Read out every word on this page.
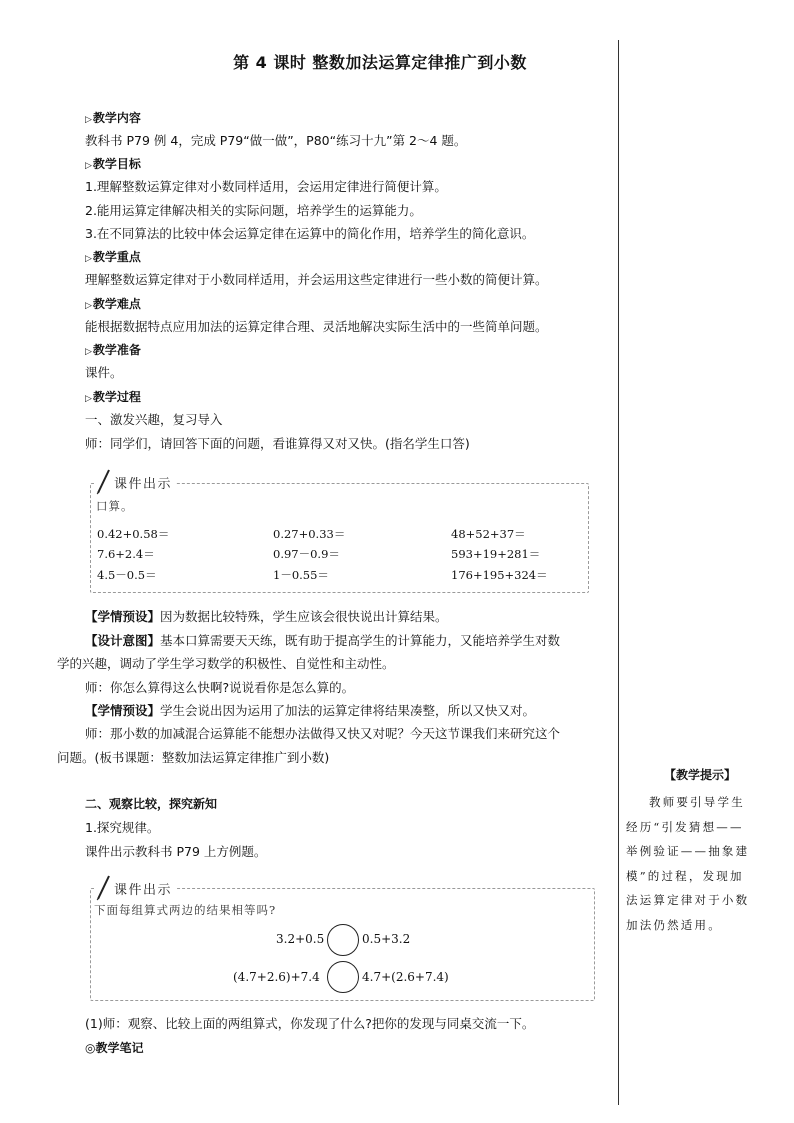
第 4 课时 整数加法运算定律推广到小数
▷教学内容
教科书 P79 例 4，完成 P79“做一做”，P80“练习十九”第 2～4 题。
▷教学目标
1.理解整数运算定律对小数同样适用，会运用定律进行简便计算。
2.能用运算定律解决相关的实际问题，培养学生的运算能力。
3.在不同算法的比较中体会运算定律在运算中的简化作用，培养学生的简化意识。
▷教学重点
理解整数运算定律对于小数同样适用，并会运用这些定律进行一些小数的简便计算。
▷教学难点
能根据数据特点应用加法的运算定律合理、灵活地解决实际生活中的一些简单问题。
▷教学准备
课件。
▷教学过程
一、激发兴趣，复习导入
师：同学们，请回答下面的问题，看谁算得又对又快。(指名学生口答)
课件出示
口算。
0.42+0.58＝	0.27+0.33＝	48+52+37＝
7.6+2.4＝	0.97－0.9＝	593+19+281＝
4.5－0.5＝	1－0.55＝	176+195+324＝
【学情预设】因为数据比较特殊，学生应该会很快说出计算结果。
【设计意图】基本口算需要天天练，既有助于提高学生的计算能力，又能培养学生对数
学的兴趣，调动了学生学习数学的积极性、自觉性和主动性。
师：你怎么算得这么快啊?说说看你是怎么算的。
【学情预设】学生会说出因为运用了加法的运算定律将结果凑整，所以又快又对。
师：那小数的加减混合运算能不能想办法做得又快又对呢？今天这节课我们来研究这个
问题。(板书课题：整数加法运算定律推广到小数)
二、观察比较，探究新知
1.探究规律。
课件出示教科书 P79 上方例题。
课件出示
下面每组算式两边的结果相等吗?
3.2+0.5	0.5+3.2
(4.7+2.6)+7.4	4.7+(2.6+7.4)
(1)师：观察、比较上面的两组算式，你发现了什么?把你的发现与同桌交流一下。
◎教学笔记
【教学提示】
教师要引导学生经历“引发猜想——举例验证——抽象建模”的过程，发现加法运算定律对于小数加法仍然适用。
